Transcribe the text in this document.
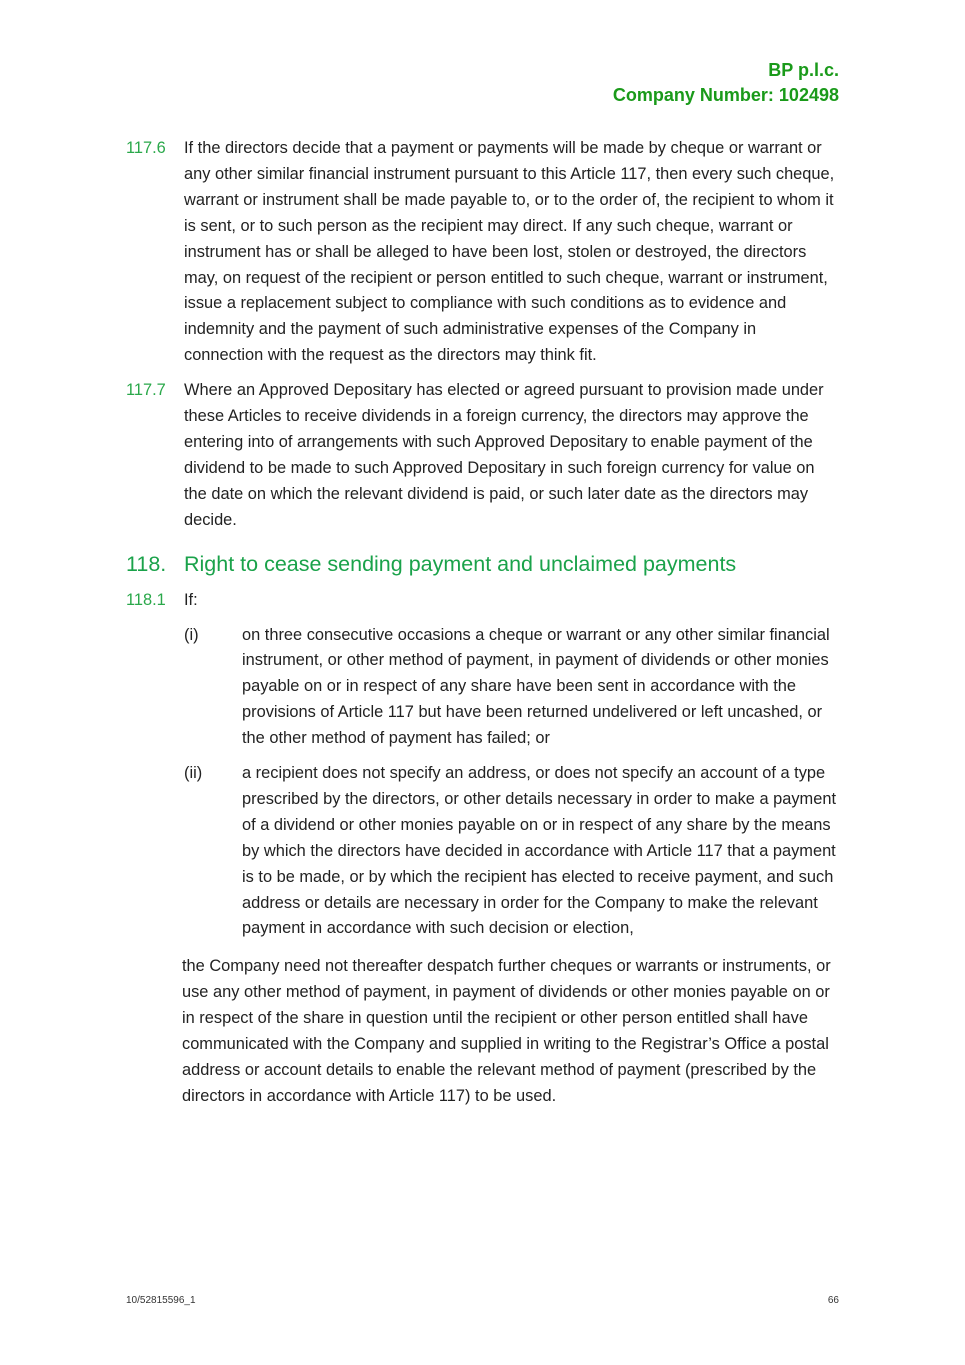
BP p.l.c.
Company Number: 102498
117.6	If the directors decide that a payment or payments will be made by cheque or warrant or any other similar financial instrument pursuant to this Article 117, then every such cheque, warrant or instrument shall be made payable to, or to the order of, the recipient to whom it is sent, or to such person as the recipient may direct. If any such cheque, warrant or instrument has or shall be alleged to have been lost, stolen or destroyed, the directors may, on request of the recipient or person entitled to such cheque, warrant or instrument, issue a replacement subject to compliance with such conditions as to evidence and indemnity and the payment of such administrative expenses of the Company in connection with the request as the directors may think fit.
117.7	Where an Approved Depositary has elected or agreed pursuant to provision made under these Articles to receive dividends in a foreign currency, the directors may approve the entering into of arrangements with such Approved Depositary to enable payment of the dividend to be made to such Approved Depositary in such foreign currency for value on the date on which the relevant dividend is paid, or such later date as the directors may decide.
118. Right to cease sending payment and unclaimed payments
118.1	If:
(i)	on three consecutive occasions a cheque or warrant or any other similar financial instrument, or other method of payment, in payment of dividends or other monies payable on or in respect of any share have been sent in accordance with the provisions of Article 117 but have been returned undelivered or left uncashed, or the other method of payment has failed; or
(ii)	a recipient does not specify an address, or does not specify an account of a type prescribed by the directors, or other details necessary in order to make a payment of a dividend or other monies payable on or in respect of any share by the means by which the directors have decided in accordance with Article 117 that a payment is to be made, or by which the recipient has elected to receive payment, and such address or details are necessary in order for the Company to make the relevant payment in accordance with such decision or election,
the Company need not thereafter despatch further cheques or warrants or instruments, or use any other method of payment, in payment of dividends or other monies payable on or in respect of the share in question until the recipient or other person entitled shall have communicated with the Company and supplied in writing to the Registrar’s Office a postal address or account details to enable the relevant method of payment (prescribed by the directors in accordance with Article 117) to be used.
10/52815596_1	66
